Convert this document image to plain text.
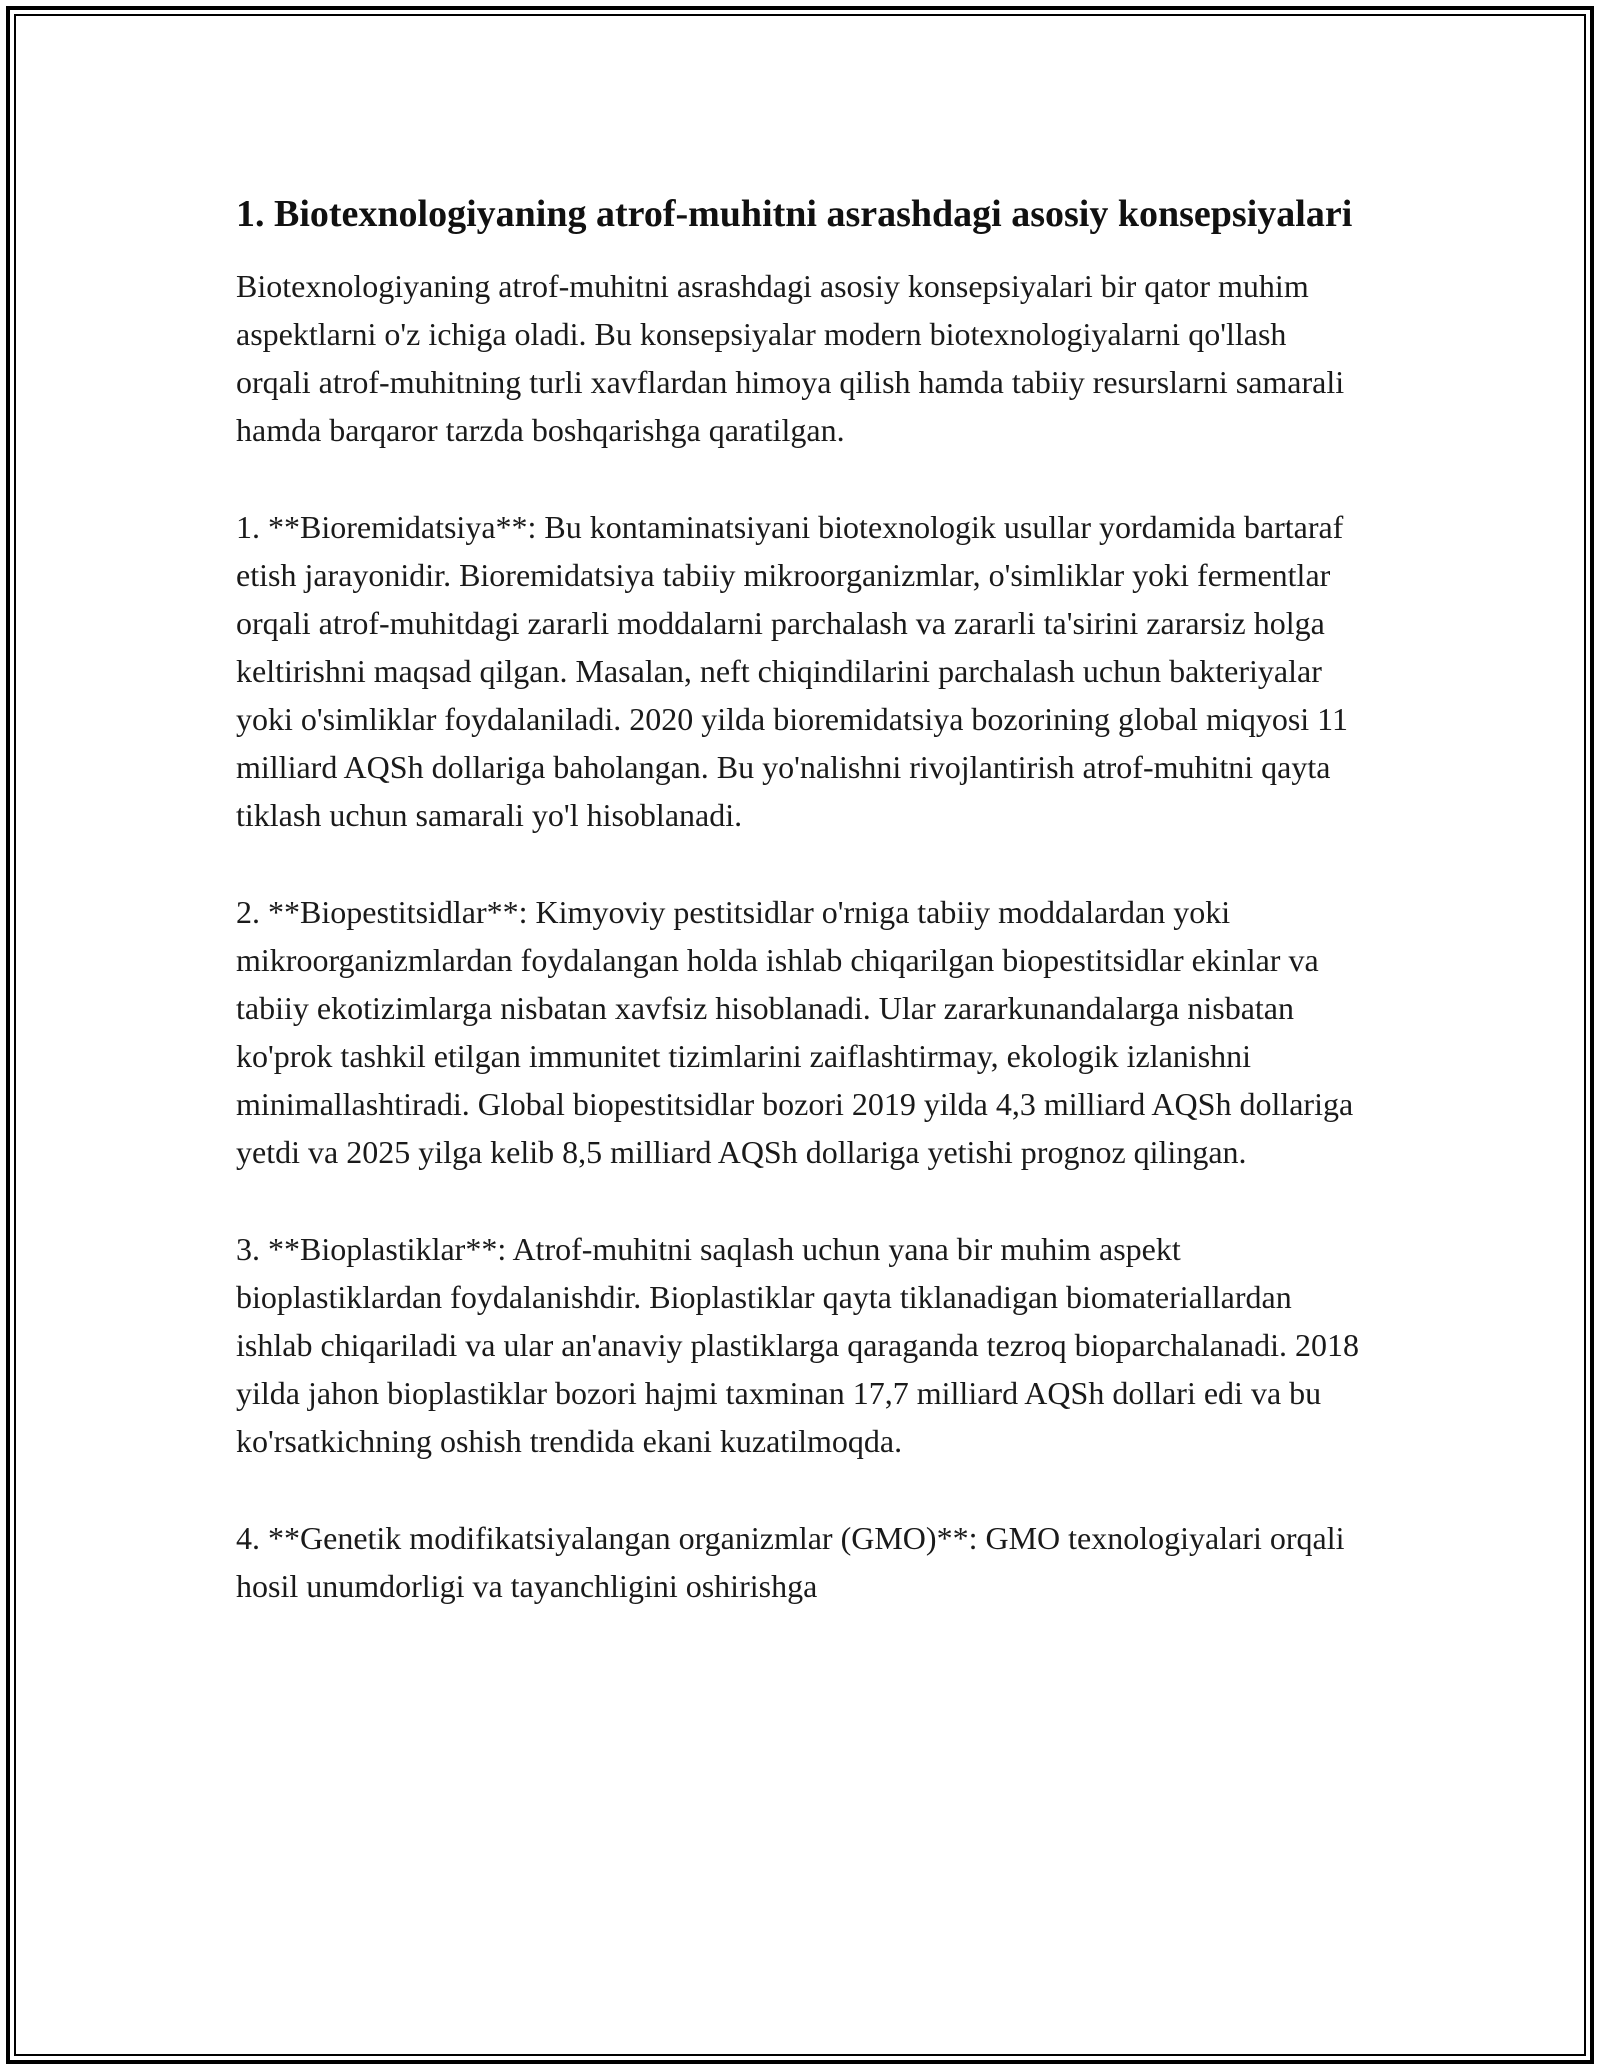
1. Biotexnologiyaning atrof-muhitni asrashdagi asosiy konsepsiyalari

Biotexnologiyaning atrof-muhitni asrashdagi asosiy konsepsiyalari bir qator muhim aspektlarni o'z ichiga oladi. Bu konsepsiyalar modern biotexnologiyalarni qo'llash orqali atrof-muhitning turli xavflardan himoya qilish hamda tabiiy resurslarni samarali hamda barqaror tarzda boshqarishga qaratilgan.

1. **Bioremidatsiya**: Bu kontaminatsiyani biotexnologik usullar yordamida bartaraf etish jarayonidir. Bioremidatsiya tabiiy mikroorganizmlar, o'simliklar yoki fermentlar orqali atrof-muhitdagi zararli moddalarni parchalash va zararli ta'sirini zararsiz holga keltirishni maqsad qilgan. Masalan, neft chiqindilarini parchalash uchun bakteriyalar yoki o'simliklar foydalaniladi. 2020 yilda bioremidatsiya bozorining global miqyosi 11 milliard AQSh dollariga baholangan. Bu yo'nalishni rivojlantirish atrof-muhitni qayta tiklash uchun samarali yo'l hisoblanadi.

2. **Biopestitsidlar**: Kimyoviy pestitsidlar o'rniga tabiiy moddalardan yoki mikroorganizmlardan foydalangan holda ishlab chiqarilgan biopestitsidlar ekinlar va tabiiy ekotizimlarga nisbatan xavfsiz hisoblanadi. Ular zararkunandalarga nisbatan ko'prok tashkil etilgan immunitet tizimlarini zaiflashtirmay, ekologik izlanishni minimallashtiradi. Global biopestitsidlar bozori 2019 yilda 4,3 milliard AQSh dollariga yetdi va 2025 yilga kelib 8,5 milliard AQSh dollariga yetishi prognoz qilingan.

3. **Bioplastiklar**: Atrof-muhitni saqlash uchun yana bir muhim aspekt bioplastiklardan foydalanishdir. Bioplastiklar qayta tiklanadigan biomateriallardan ishlab chiqariladi va ular an'anaviy plastiklarga qaraganda tezroq bioparchalanadi. 2018 yilda jahon bioplastiklar bozori hajmi taxminan 17,7 milliard AQSh dollari edi va bu ko'rsatkichning oshish trendida ekani kuzatilmoqda.

4. **Genetik modifikatsiyalangan organizmlar (GMO)**: GMO texnologiyalari orqali hosil unumdorligi va tayanchligini oshirishga
